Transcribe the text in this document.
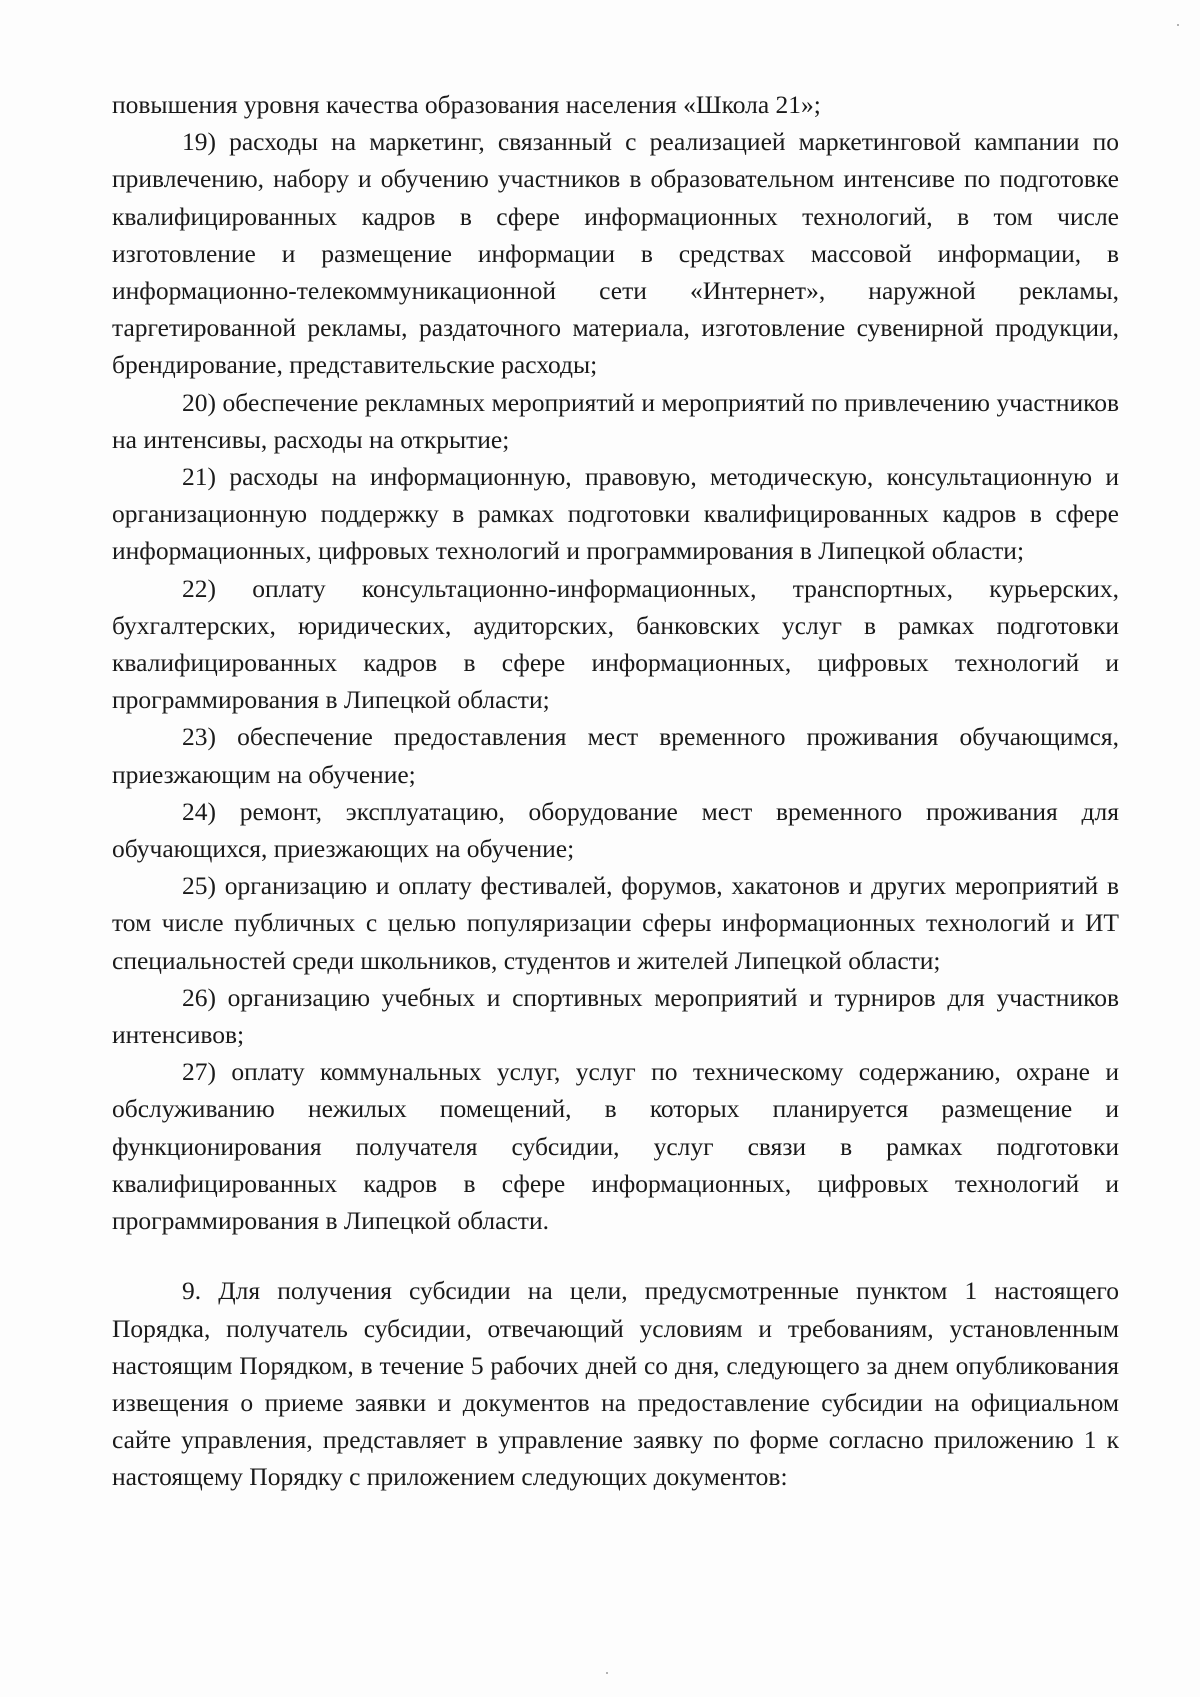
повышения уровня качества образования населения «Школа 21»;

19) расходы на маркетинг, связанный с реализацией маркетинговой кампании по привлечению, набору и обучению участников в образовательном интенсиве по подготовке квалифицированных кадров в сфере информационных технологий, в том числе изготовление и размещение информации в средствах массовой информации, в информационно-телекоммуникационной сети «Интернет», наружной рекламы, таргетированной рекламы, раздаточного материала, изготовление сувенирной продукции, брендирование, представительские расходы;

20) обеспечение рекламных мероприятий и мероприятий по привлечению участников на интенсивы, расходы на открытие;

21) расходы на информационную, правовую, методическую, консультационную и организационную поддержку в рамках подготовки квалифицированных кадров в сфере информационных, цифровых технологий и программирования в Липецкой области;

22) оплату консультационно-информационных, транспортных, курьерских, бухгалтерских, юридических, аудиторских, банковских услуг в рамках подготовки квалифицированных кадров в сфере информационных, цифровых технологий и программирования в Липецкой области;

23) обеспечение предоставления мест временного проживания обучающимся, приезжающим на обучение;

24) ремонт, эксплуатацию, оборудование мест временного проживания для обучающихся, приезжающих на обучение;

25) организацию и оплату фестивалей, форумов, хакатонов и других мероприятий в том числе публичных с целью популяризации сферы информационных технологий и ИТ специальностей среди школьников, студентов и жителей Липецкой области;

26) организацию учебных и спортивных мероприятий и турниров для участников интенсивов;

27) оплату коммунальных услуг, услуг по техническому содержанию, охране и обслуживанию нежилых помещений, в которых планируется размещение и функционирования получателя субсидии, услуг связи в рамках подготовки квалифицированных кадров в сфере информационных, цифровых технологий и программирования в Липецкой области.

9. Для получения субсидии на цели, предусмотренные пунктом 1 настоящего Порядка, получатель субсидии, отвечающий условиям и требованиям, установленным настоящим Порядком, в течение 5 рабочих дней со дня, следующего за днем опубликования извещения о приеме заявки и документов на предоставление субсидии на официальном сайте управления, представляет в управление заявку по форме согласно приложению 1 к настоящему Порядку с приложением следующих документов:
